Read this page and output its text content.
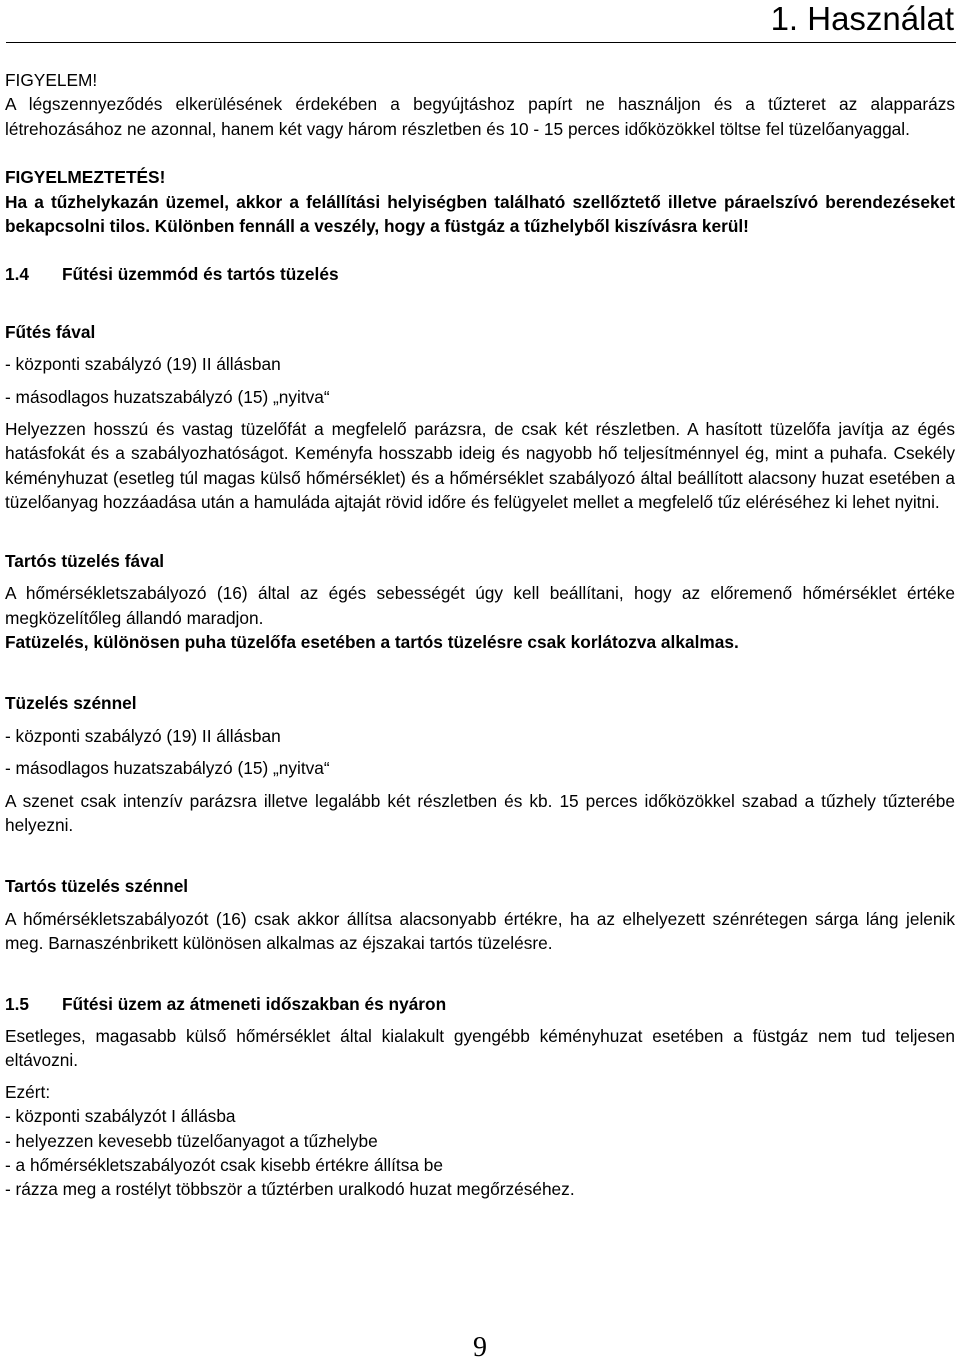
1. Használat

FIGYELEM!

A légszennyeződés elkerülésének érdekében a begyújtáshoz papírt ne használjon és a tűzteret az alapparázs létrehozásához ne azonnal, hanem két vagy három részletben és 10 - 15 perces időközökkel töltse fel tüzelőanyaggal.

FIGYELMEZTETÉS!

Ha a tűzhelykazán üzemel, akkor a felállítási helyiségben található szellőztető illetve páraelszívó berendezéseket bekapcsolni tilos. Különben fennáll a veszély, hogy a füstgáz a tűzhelyből kiszívásra kerül!

1.4	Fűtési üzemmód és tartós tüzelés

Fűtés fával

- központi szabályzó (19) II állásban

- másodlagos huzatszabályzó (15) „nyitva“

Helyezzen hosszú és vastag tüzelőfát a megfelelő parázsra, de csak két részletben. A hasított tüzelőfa javítja az égés hatásfokát és a szabályozhatóságot. Keményfa hosszabb ideig és nagyobb hő teljesítménnyel ég, mint a puhafa. Csekély kéményhuzat (esetleg túl magas külső hőmérséklet) és a hőmérséklet szabályozó által beállított alacsony huzat esetében a tüzelőanyag hozzáadása után a hamuláda ajtaját rövid időre és felügyelet mellet a megfelelő tűz eléréséhez ki lehet nyitni.

Tartós tüzelés fával

A hőmérsékletszabályozó (16) által az égés sebességét úgy kell beállítani, hogy az előremenő hőmérséklet értéke megközelítőleg állandó maradjon.

Fatüzelés, különösen puha tüzelőfa esetében a tartós tüzelésre csak korlátozva alkalmas.

Tüzelés szénnel

- központi szabályzó (19) II állásban

- másodlagos huzatszabályzó (15) „nyitva“

A szenet csak intenzív parázsra illetve legalább két részletben és kb. 15 perces időközökkel szabad a tűzhely tűzterébe helyezni.

Tartós tüzelés szénnel

A hőmérsékletszabályozót (16) csak akkor állítsa alacsonyabb értékre, ha az elhelyezett szénrétegen sárga láng jelenik meg. Barnaszénbrikett különösen alkalmas az éjszakai tartós tüzelésre.

1.5	Fűtési üzem az átmeneti időszakban és nyáron

Esetleges, magasabb külső hőmérséklet által kialakult gyengébb kéményhuzat esetében a füstgáz nem tud teljesen eltávozni.

Ezért:

- központi szabályzót I állásba

- helyezzen kevesebb tüzelőanyagot a tűzhelybe

- a hőmérsékletszabályozót csak kisebb értékre állítsa be

- rázza meg a rostélyt többször a tűztérben uralkodó huzat megőrzéséhez.

9
